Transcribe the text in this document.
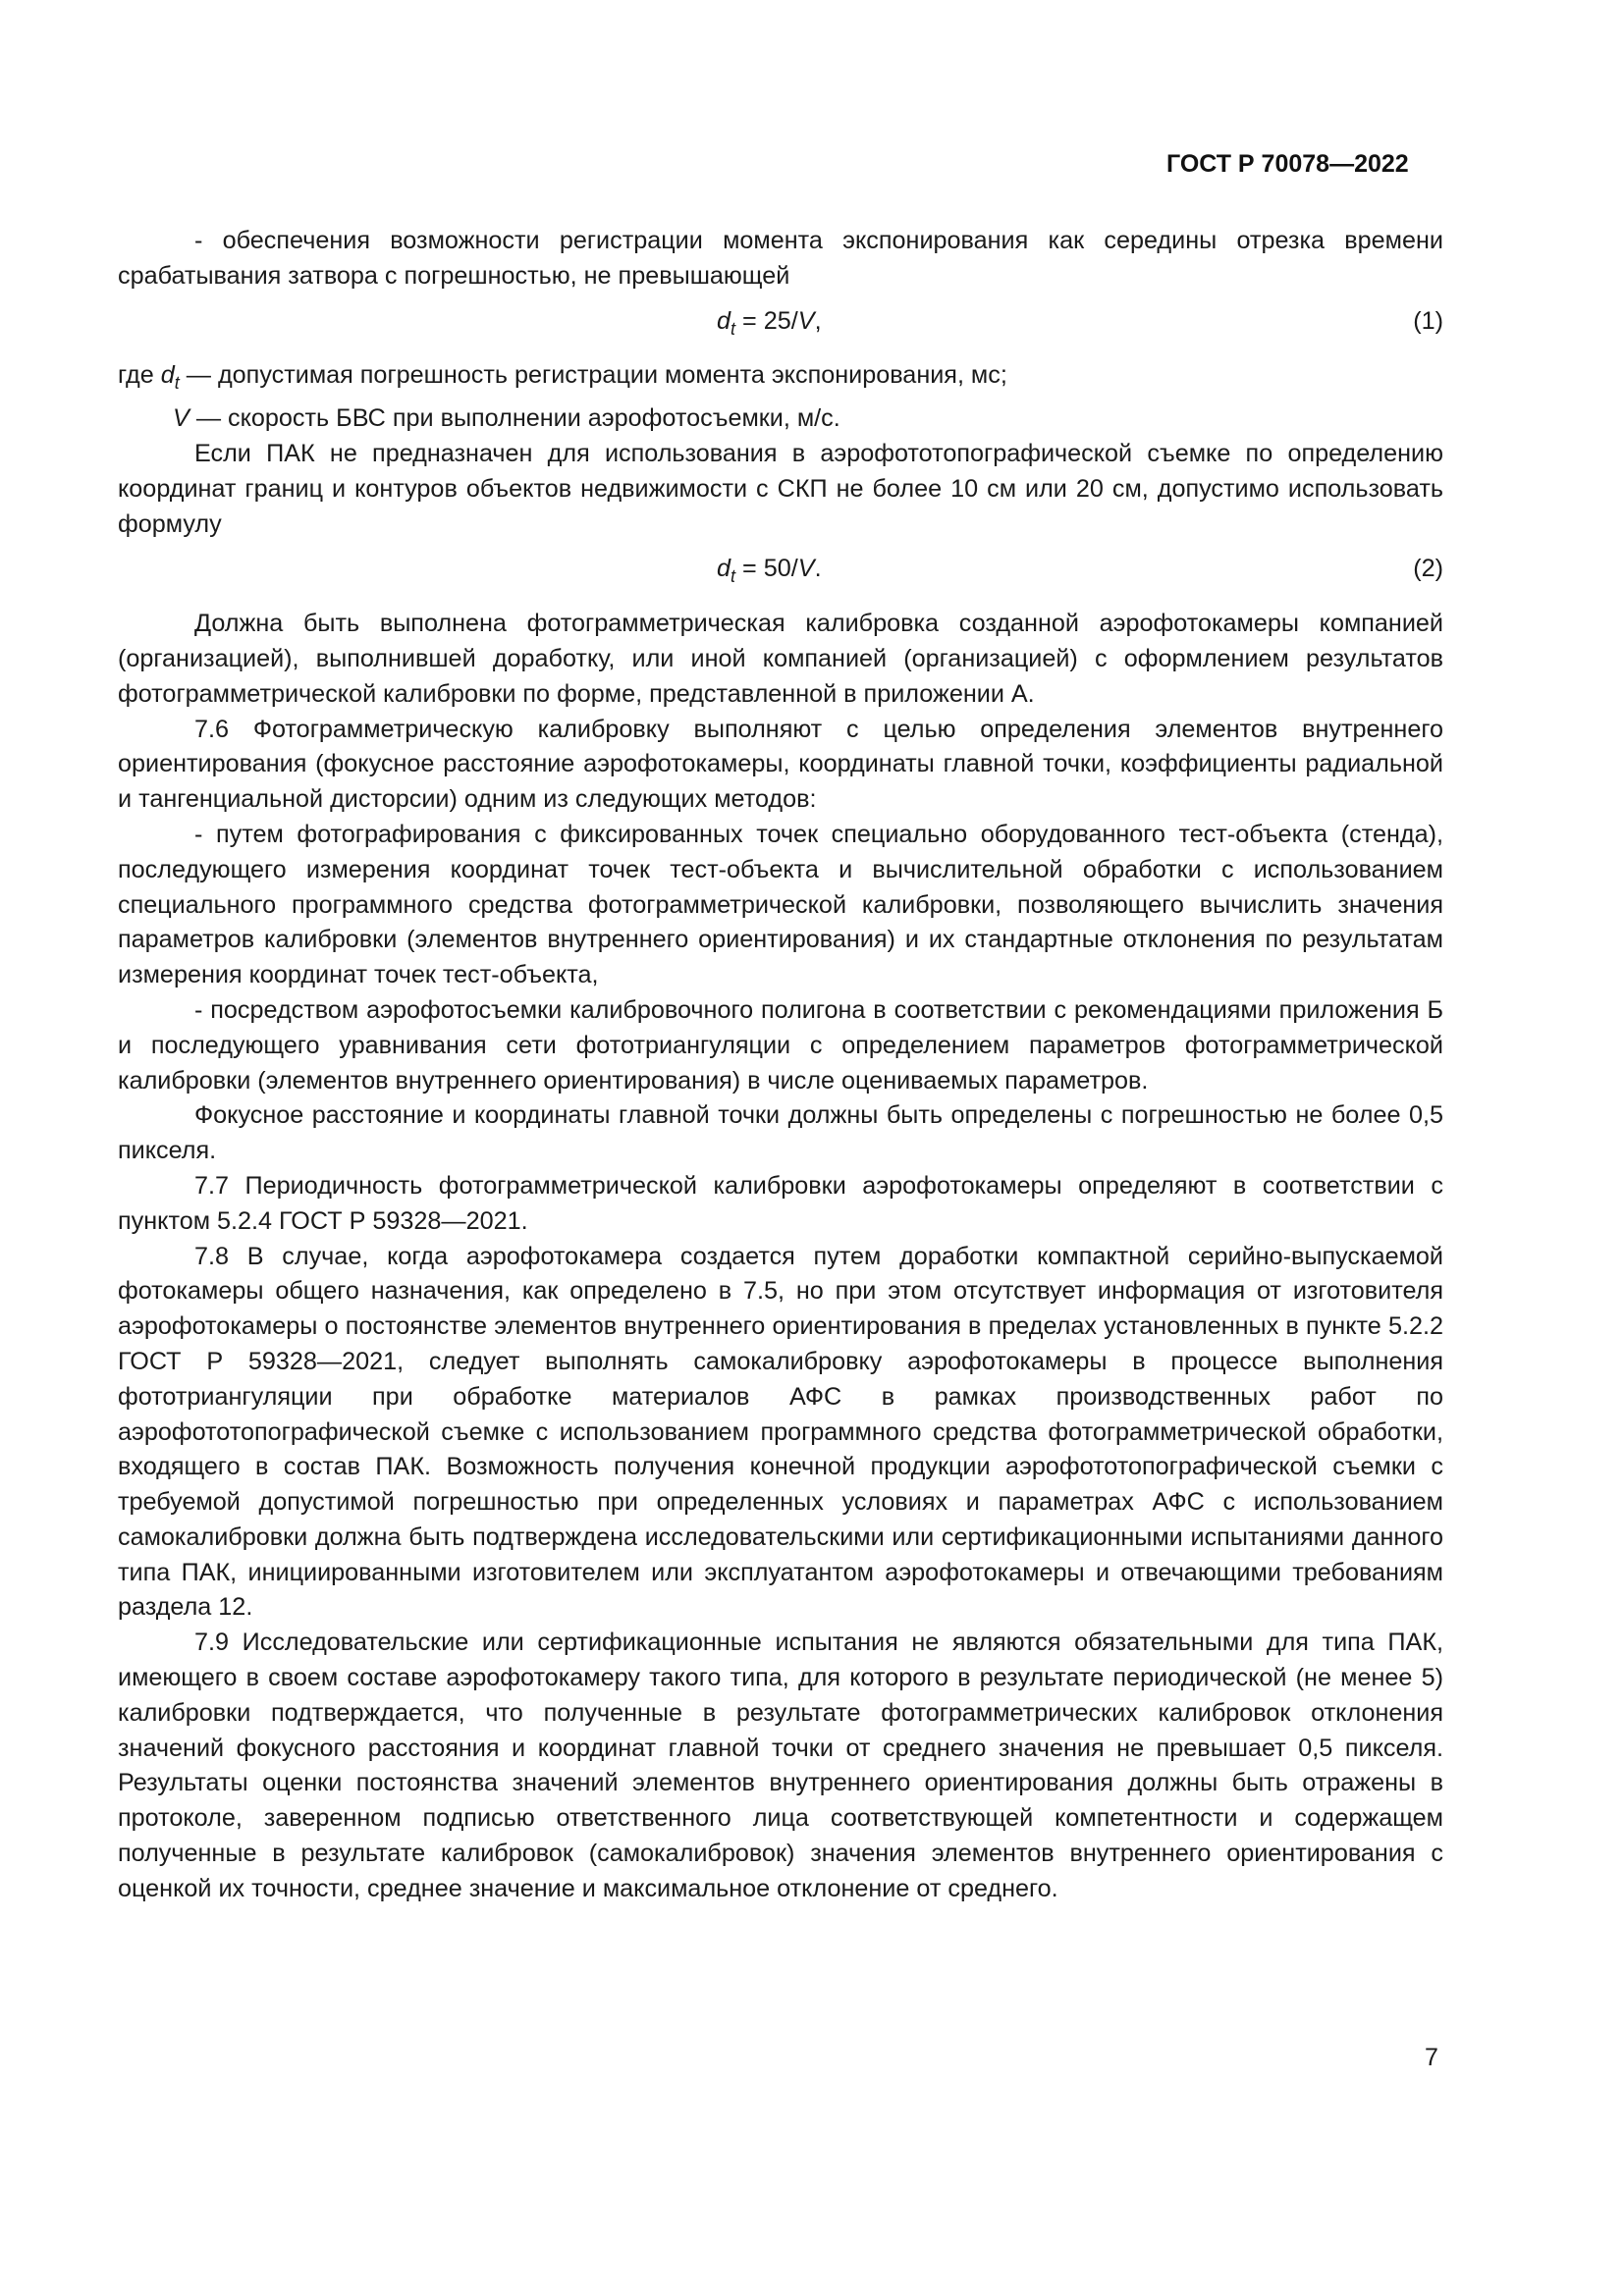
ГОСТ Р 70078—2022

- обеспечения возможности регистрации момента экспонирования как середины отрезка времени срабатывания затвора с погрешностью, не превышающей

$d_t = 25/V$,	(1)

где $d_t$ — допустимая погрешность регистрации момента экспонирования, мс;

V — скорость БВС при выполнении аэрофотосъемки, м/с.

Если ПАК не предназначен для использования в аэрофототопографической съемке по определению координат границ и контуров объектов недвижимости с СКП не более 10 см или 20 см, допустимо использовать формулу

$d_t = 50/V$.	(2)

Должна быть выполнена фотограмметрическая калибровка созданной аэрофотокамеры компанией (организацией), выполнившей доработку, или иной компанией (организацией) с оформлением результатов фотограмметрической калибровки по форме, представленной в приложении А.

7.6 Фотограмметрическую калибровку выполняют с целью определения элементов внутреннего ориентирования (фокусное расстояние аэрофотокамеры, координаты главной точки, коэффициенты радиальной и тангенциальной дисторсии) одним из следующих методов:

- путем фотографирования с фиксированных точек специально оборудованного тест-объекта (стенда), последующего измерения координат точек тест-объекта и вычислительной обработки с использованием специального программного средства фотограмметрической калибровки, позволяющего вычислить значения параметров калибровки (элементов внутреннего ориентирования) и их стандартные отклонения по результатам измерения координат точек тест-объекта,

- посредством аэрофотосъемки калибровочного полигона в соответствии с рекомендациями приложения Б и последующего уравнивания сети фототриангуляции с определением параметров фотограмметрической калибровки (элементов внутреннего ориентирования) в числе оцениваемых параметров.

Фокусное расстояние и координаты главной точки должны быть определены с погрешностью не более 0,5 пикселя.

7.7 Периодичность фотограмметрической калибровки аэрофотокамеры определяют в соответствии с пунктом 5.2.4 ГОСТ Р 59328—2021.

7.8 В случае, когда аэрофотокамера создается путем доработки компактной серийно-выпускаемой фотокамеры общего назначения, как определено в 7.5, но при этом отсутствует информация от изготовителя аэрофотокамеры о постоянстве элементов внутреннего ориентирования в пределах установленных в пункте 5.2.2 ГОСТ Р 59328—2021, следует выполнять самокалибровку аэрофотокамеры в процессе выполнения фототриангуляции при обработке материалов АФС в рамках производственных работ по аэрофототопографической съемке с использованием программного средства фотограмметрической обработки, входящего в состав ПАК. Возможность получения конечной продукции аэрофототопографической съемки с требуемой допустимой погрешностью при определенных условиях и параметрах АФС с использованием самокалибровки должна быть подтверждена исследовательскими или сертификационными испытаниями данного типа ПАК, инициированными изготовителем или эксплуатантом аэрофотокамеры и отвечающими требованиям раздела 12.

7.9 Исследовательские или сертификационные испытания не являются обязательными для типа ПАК, имеющего в своем составе аэрофотокамеру такого типа, для которого в результате периодической (не менее 5) калибровки подтверждается, что полученные в результате фотограмметрических калибровок отклонения значений фокусного расстояния и координат главной точки от среднего значения не превышает 0,5 пикселя. Результаты оценки постоянства значений элементов внутреннего ориентирования должны быть отражены в протоколе, заверенном подписью ответственного лица соответствующей компетентности и содержащем полученные в результате калибровок (самокалибровок) значения элементов внутреннего ориентирования с оценкой их точности, среднее значение и максимальное отклонение от среднего.

7
